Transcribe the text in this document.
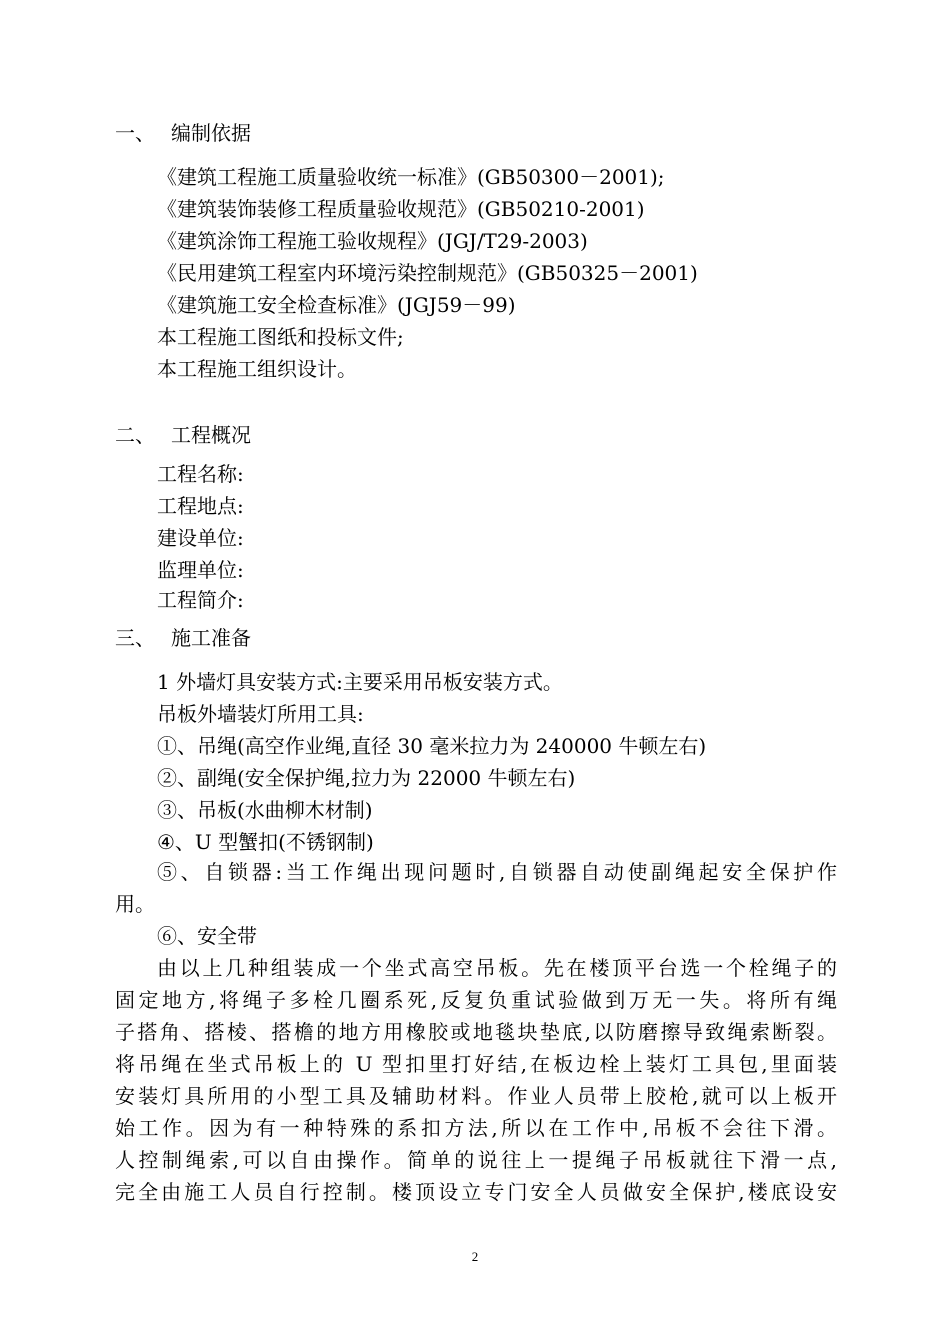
一、 编制依据
《建筑工程施工质量验收统一标准》(GB50300－2001);
《建筑装饰装修工程质量验收规范》(GB50210-2001)
《建筑涂饰工程施工验收规程》(JGJ/T29-2003)
《民用建筑工程室内环境污染控制规范》(GB50325－2001)
《建筑施工安全检查标准》(JGJ59－99)
本工程施工图纸和投标文件;
本工程施工组织设计。
二、 工程概况
工程名称:
工程地点:
建设单位:
监理单位:
工程简介:
三、 施工准备
1 外墙灯具安装方式:主要采用吊板安装方式。
吊板外墙装灯所用工具:
①、吊绳(高空作业绳,直径 30 毫米拉力为 240000 牛顿左右)
②、副绳(安全保护绳,拉力为 22000 牛顿左右)
③、吊板(水曲柳木材制)
④、U 型蟹扣(不锈钢制)
⑤、自锁器:当工作绳出现问题时,自锁器自动使副绳起安全保护作
用。
⑥、安全带
由以上几种组装成一个坐式高空吊板。先在楼顶平台选一个栓绳子的
固定地方,将绳子多栓几圈系死,反复负重试验做到万无一失。将所有绳
子搭角、搭棱、搭檐的地方用橡胶或地毯块垫底,以防磨擦导致绳索断裂。
将吊绳在坐式吊板上的 U 型扣里打好结,在板边栓上装灯工具包,里面装
安装灯具所用的小型工具及辅助材料。作业人员带上胶枪,就可以上板开
始工作。因为有一种特殊的系扣方法,所以在工作中,吊板不会往下滑。
人控制绳索,可以自由操作。简单的说往上一提绳子吊板就往下滑一点,
完全由施工人员自行控制。楼顶设立专门安全人员做安全保护,楼底设安
2
